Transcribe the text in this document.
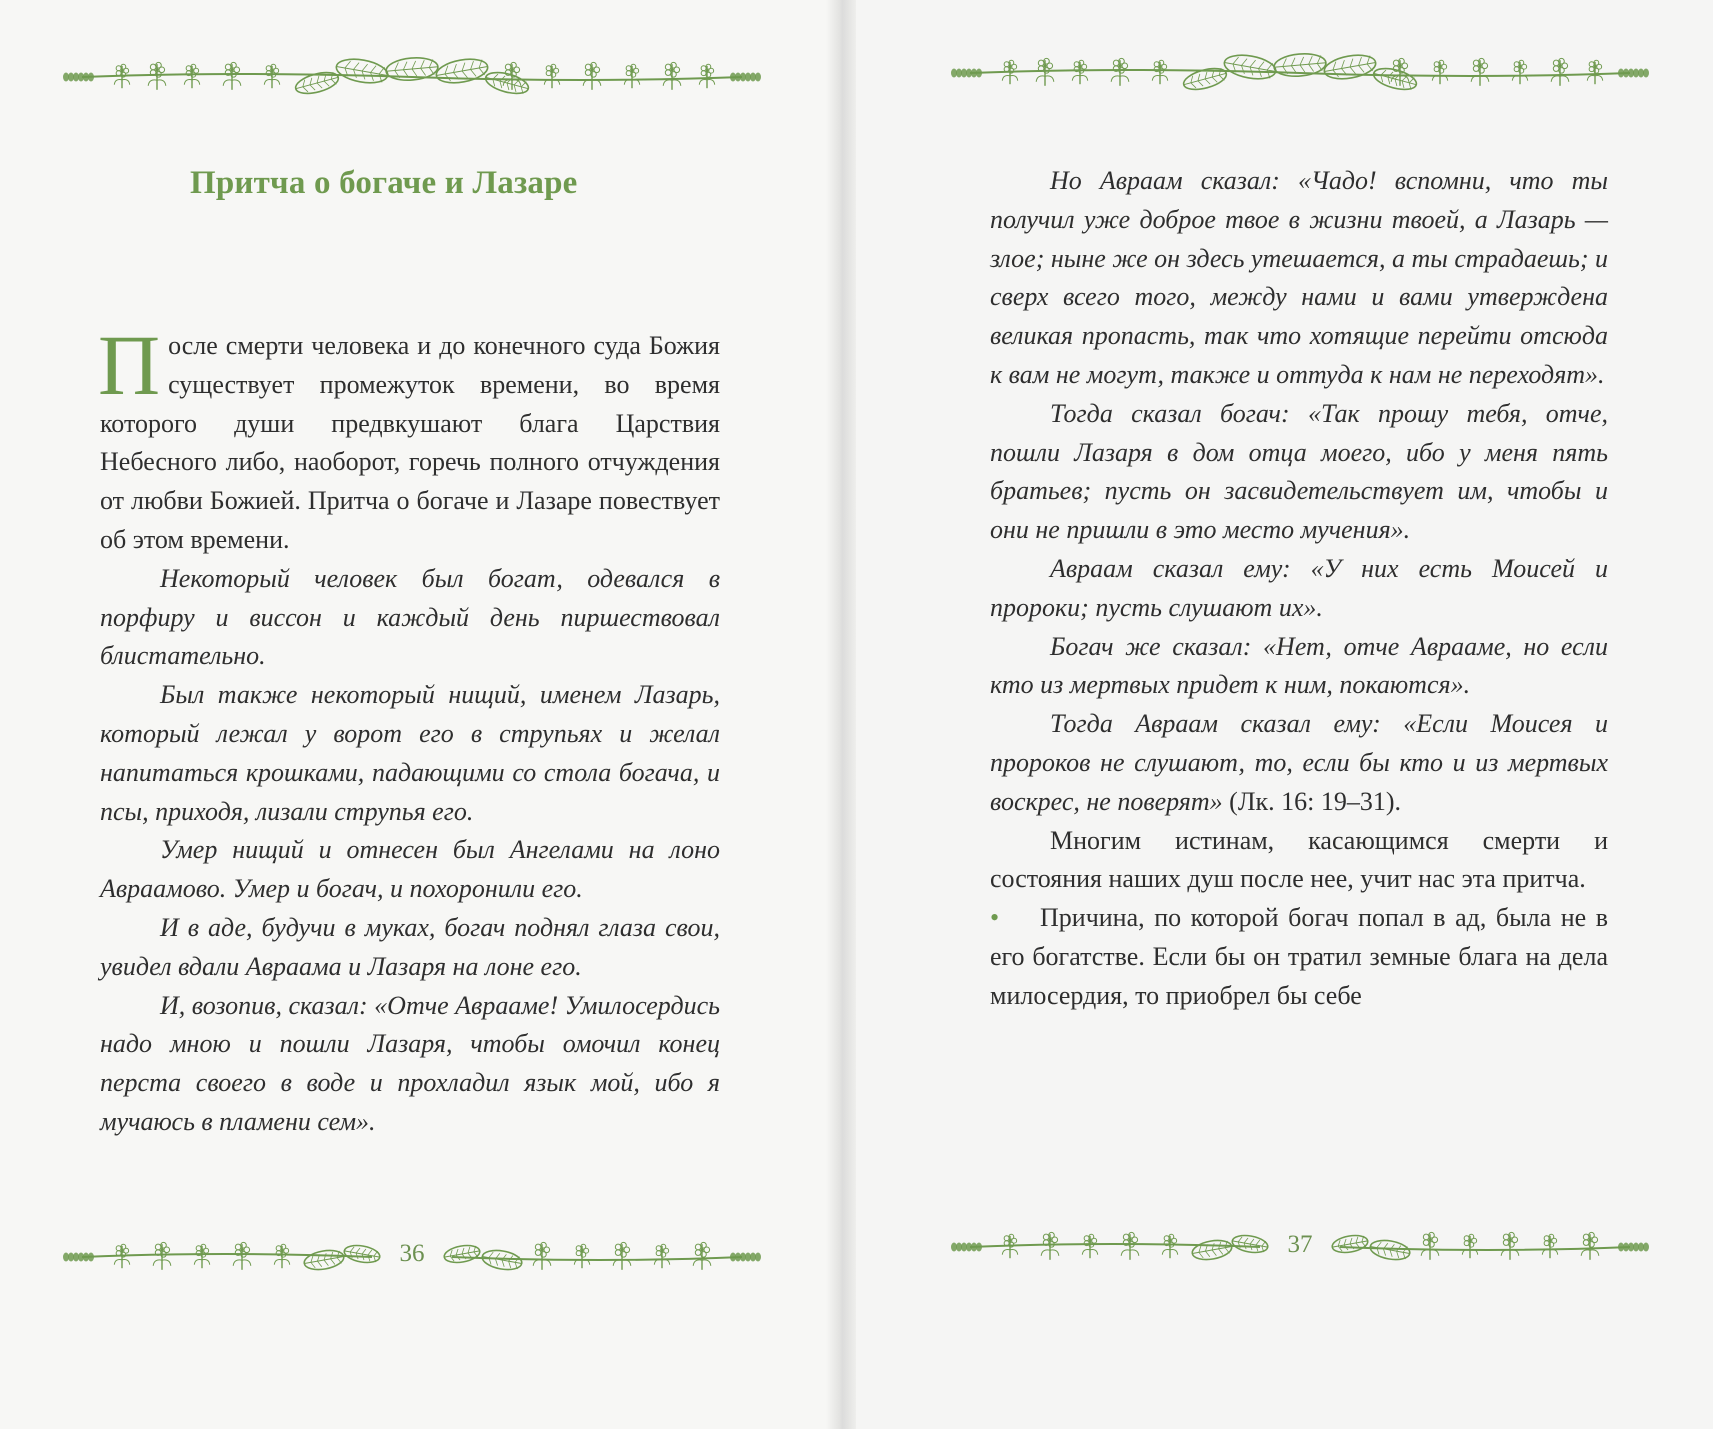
Притча о богаче и Лазаре

После смерти человека и до конечного суда Божия существует промежуток времени, во время которого души предвкушают блага Царствия Небесного либо, наоборот, горечь полного отчуждения от любви Божией. Притча о богаче и Лазаре повествует об этом времени.

Некоторый человек был богат, одевался в порфиру и виссон и каждый день пиршествовал блистательно.

Был также некоторый нищий, именем Лазарь, который лежал у ворот его в струпьях и желал напитаться крошками, падающими со стола богача, и псы, приходя, лизали струпья его.

Умер нищий и отнесен был Ангелами на лоно Авраамово. Умер и богач, и похоронили его.

И в аде, будучи в муках, богач поднял глаза свои, увидел вдали Авраама и Лазаря на лоне его.

И, возопив, сказал: «Отче Аврааме! Умилосердись надо мною и пошли Лазаря, чтобы омочил конец перста своего в воде и прохладил язык мой, ибо я мучаюсь в пламени сем».

36

Но Авраам сказал: «Чадо! вспомни, что ты получил уже доброе твое в жизни твоей, а Лазарь — злое; ныне же он здесь утешается, а ты страдаешь; и сверх всего того, между нами и вами утверждена великая пропасть, так что хотящие перейти отсюда к вам не могут, также и оттуда к нам не переходят».

Тогда сказал богач: «Так прошу тебя, отче, пошли Лазаря в дом отца моего, ибо у меня пять братьев; пусть он засвидетельствует им, чтобы и они не пришли в это место мучения».

Авраам сказал ему: «У них есть Моисей и пророки; пусть слушают их».

Богач же сказал: «Нет, отче Аврааме, но если кто из мертвых придет к ним, покаются».

Тогда Авраам сказал ему: «Если Моисея и пророков не слушают, то, если бы кто и из мертвых воскрес, не поверят» (Лк. 16: 19–31).

Многим истинам, касающимся смерти и состояния наших душ после нее, учит нас эта притча.

• Причина, по которой богач попал в ад, была не в его богатстве. Если бы он тратил земные блага на дела милосердия, то приобрел бы себе

37
